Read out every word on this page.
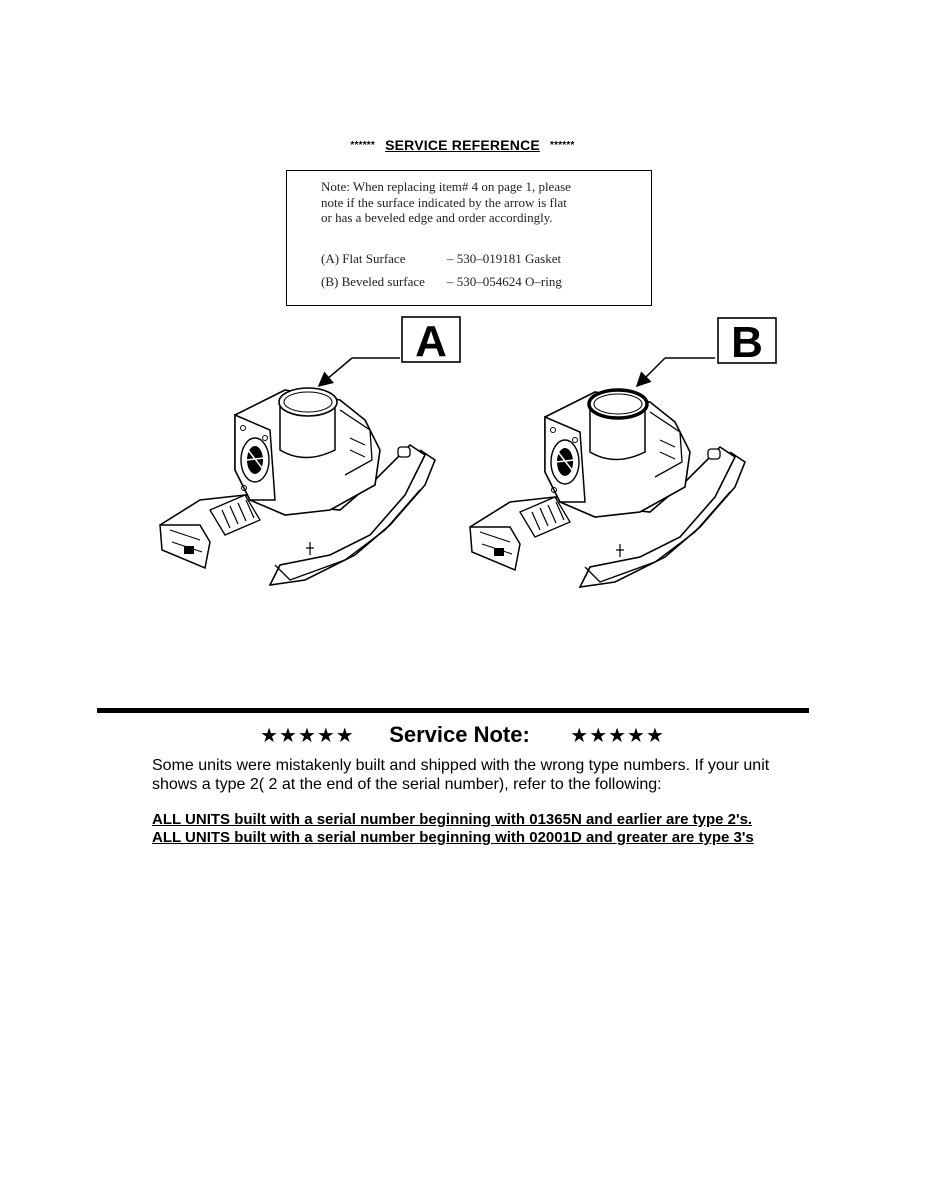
****** SERVICE REFERENCE ******
Note: When replacing item# 4 on page 1, please
note if the surface indicated by the arrow is flat
or has a beveled edge and order accordingly.
(A) Flat Surface	– 530–019181 Gasket
(B) Beveled surface	– 530–054624 O–ring
A	B
★★★★★ Service Note: ★★★★★
Some units were mistakenly built and shipped with the wrong type numbers. If your unit shows a type 2( 2 at the end of the serial number), refer to the following:
ALL UNITS built with a serial number beginning with 01365N and earlier are type 2's.
ALL UNITS built with a serial number beginning with 02001D and greater are type 3's
